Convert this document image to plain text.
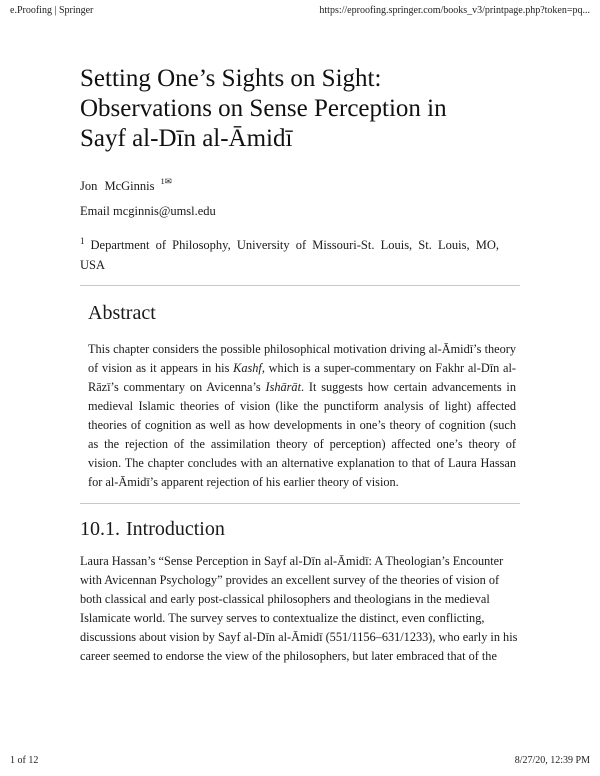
e.Proofing | Springer	https://eproofing.springer.com/books_v3/printpage.php?token=pq...
Setting One’s Sights on Sight:
Observations on Sense Perception in
Sayf al-Dīn al-Āmidī
Jon McGinnis $^{1✉}$
Email mcginnis@umsl.edu
$^1$ Department of Philosophy, University of Missouri-St. Louis, St. Louis, MO, USA
Abstract

This chapter considers the possible philosophical motivation driving al-Āmidī’s theory of vision as it appears in his Kashf, which is a super-commentary on Fakhr al-Dīn al-Rāzī’s commentary on Avicenna’s Ishārāt. It suggests how certain advancements in medieval Islamic theories of vision (like the punctiform analysis of light) affected theories of cognition as well as how developments in one’s theory of cognition (such as the rejection of the assimilation theory of perception) affected one’s theory of vision. The chapter concludes with an alternative explanation to that of Laura Hassan for al-Āmidī’s apparent rejection of his earlier theory of vision.

10.1. Introduction

Laura Hassan’s “Sense Perception in Sayf al-Dīn al-Āmidī: A Theologian’s Encounter with Avicennan Psychology” provides an excellent survey of the theories of vision of both classical and early post-classical philosophers and theologians in the medieval Islamicate world. The survey serves to contextualize the distinct, even conflicting, discussions about vision by Sayf al-Dīn al-Āmidī (551/1156–631/1233), who early in his career seemed to endorse the view of the philosophers, but later embraced that of the

1 of 12	8/27/20, 12:39 PM
